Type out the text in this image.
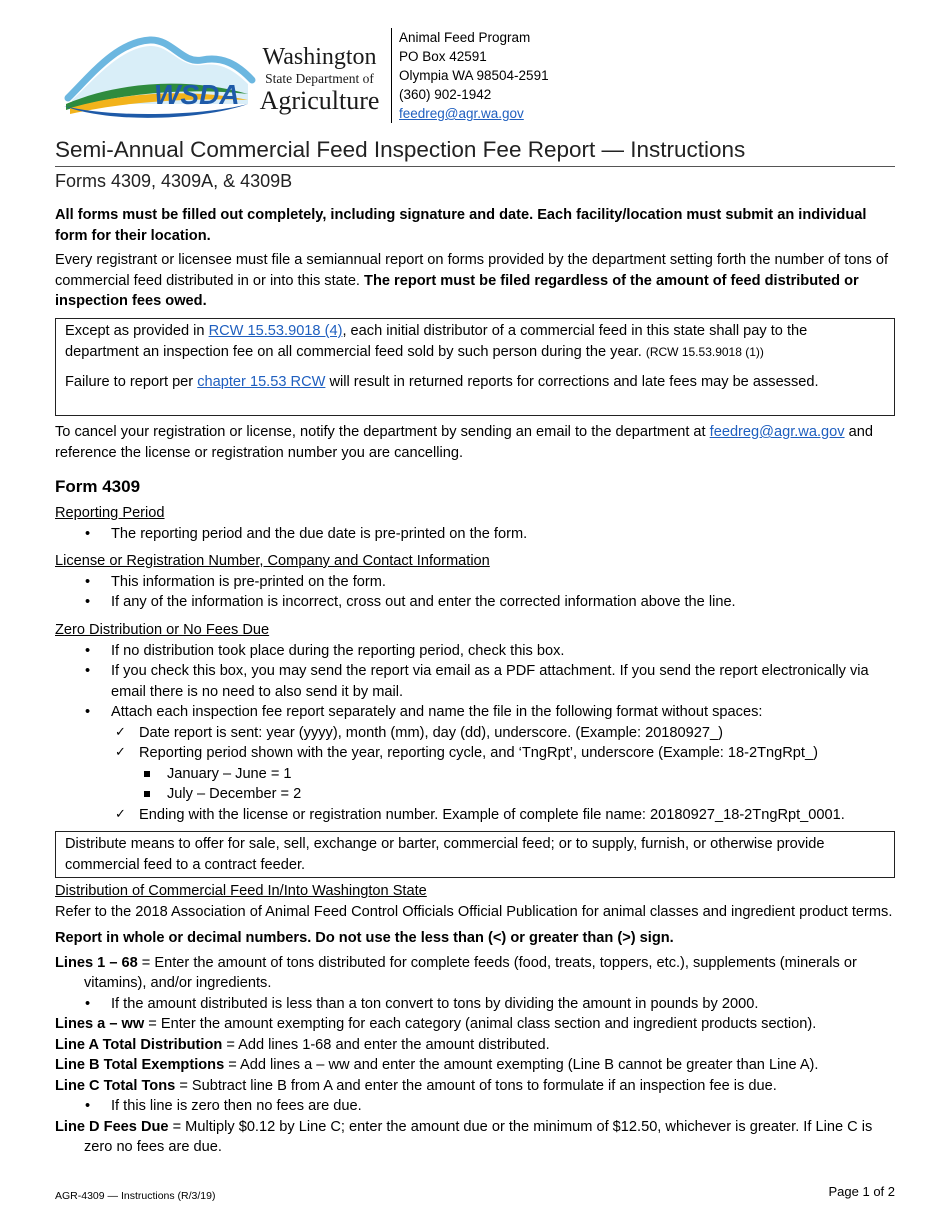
WSDA
Washington
State Department of
Agriculture
Animal Feed Program
PO Box 42591
Olympia WA 98504-2591
(360) 902-1942
feedreg@agr.wa.gov
Semi-Annual Commercial Feed Inspection Fee Report — Instructions
Forms 4309, 4309A, & 4309B
All forms must be filled out completely, including signature and date. Each facility/location must submit an individual form for their location.
Every registrant or licensee must file a semiannual report on forms provided by the department setting forth the number of tons of commercial feed distributed in or into this state. The report must be filed regardless of the amount of feed distributed or inspection fees owed.
Except as provided in RCW 15.53.9018 (4), each initial distributor of a commercial feed in this state shall pay to the department an inspection fee on all commercial feed sold by such person during the year. (RCW 15.53.9018 (1))
Failure to report per chapter 15.53 RCW will result in returned reports for corrections and late fees may be assessed.
To cancel your registration or license, notify the department by sending an email to the department at feedreg@agr.wa.gov and reference the license or registration number you are cancelling.
Form 4309
Reporting Period
• The reporting period and the due date is pre-printed on the form.
License or Registration Number, Company and Contact Information
• This information is pre-printed on the form.
• If any of the information is incorrect, cross out and enter the corrected information above the line.
Zero Distribution or No Fees Due
• If no distribution took place during the reporting period, check this box.
• If you check this box, you may send the report via email as a PDF attachment. If you send the report electronically via email there is no need to also send it by mail.
• Attach each inspection fee report separately and name the file in the following format without spaces:
✓ Date report is sent: year (yyyy), month (mm), day (dd), underscore. (Example: 20180927_)
✓ Reporting period shown with the year, reporting cycle, and ‘TngRpt’, underscore (Example: 18-2TngRpt_)
January – June = 1
July – December = 2
✓ Ending with the license or registration number. Example of complete file name: 20180927_18-2TngRpt_0001.
Distribute means to offer for sale, sell, exchange or barter, commercial feed; or to supply, furnish, or otherwise provide commercial feed to a contract feeder.
Distribution of Commercial Feed In/Into Washington State
Refer to the 2018 Association of Animal Feed Control Officials Official Publication for animal classes and ingredient product terms.
Report in whole or decimal numbers. Do not use the less than (<) or greater than (>) sign.
Lines 1 – 68 = Enter the amount of tons distributed for complete feeds (food, treats, toppers, etc.), supplements (minerals or vitamins), and/or ingredients.
• If the amount distributed is less than a ton convert to tons by dividing the amount in pounds by 2000.
Lines a – ww = Enter the amount exempting for each category (animal class section and ingredient products section).
Line A Total Distribution = Add lines 1-68 and enter the amount distributed.
Line B Total Exemptions = Add lines a – ww and enter the amount exempting (Line B cannot be greater than Line A).
Line C Total Tons = Subtract line B from A and enter the amount of tons to formulate if an inspection fee is due.
• If this line is zero then no fees are due.
Line D Fees Due = Multiply $0.12 by Line C; enter the amount due or the minimum of $12.50, whichever is greater. If Line C is zero no fees are due.
AGR-4309 — Instructions (R/3/19)	Page 1 of 2
